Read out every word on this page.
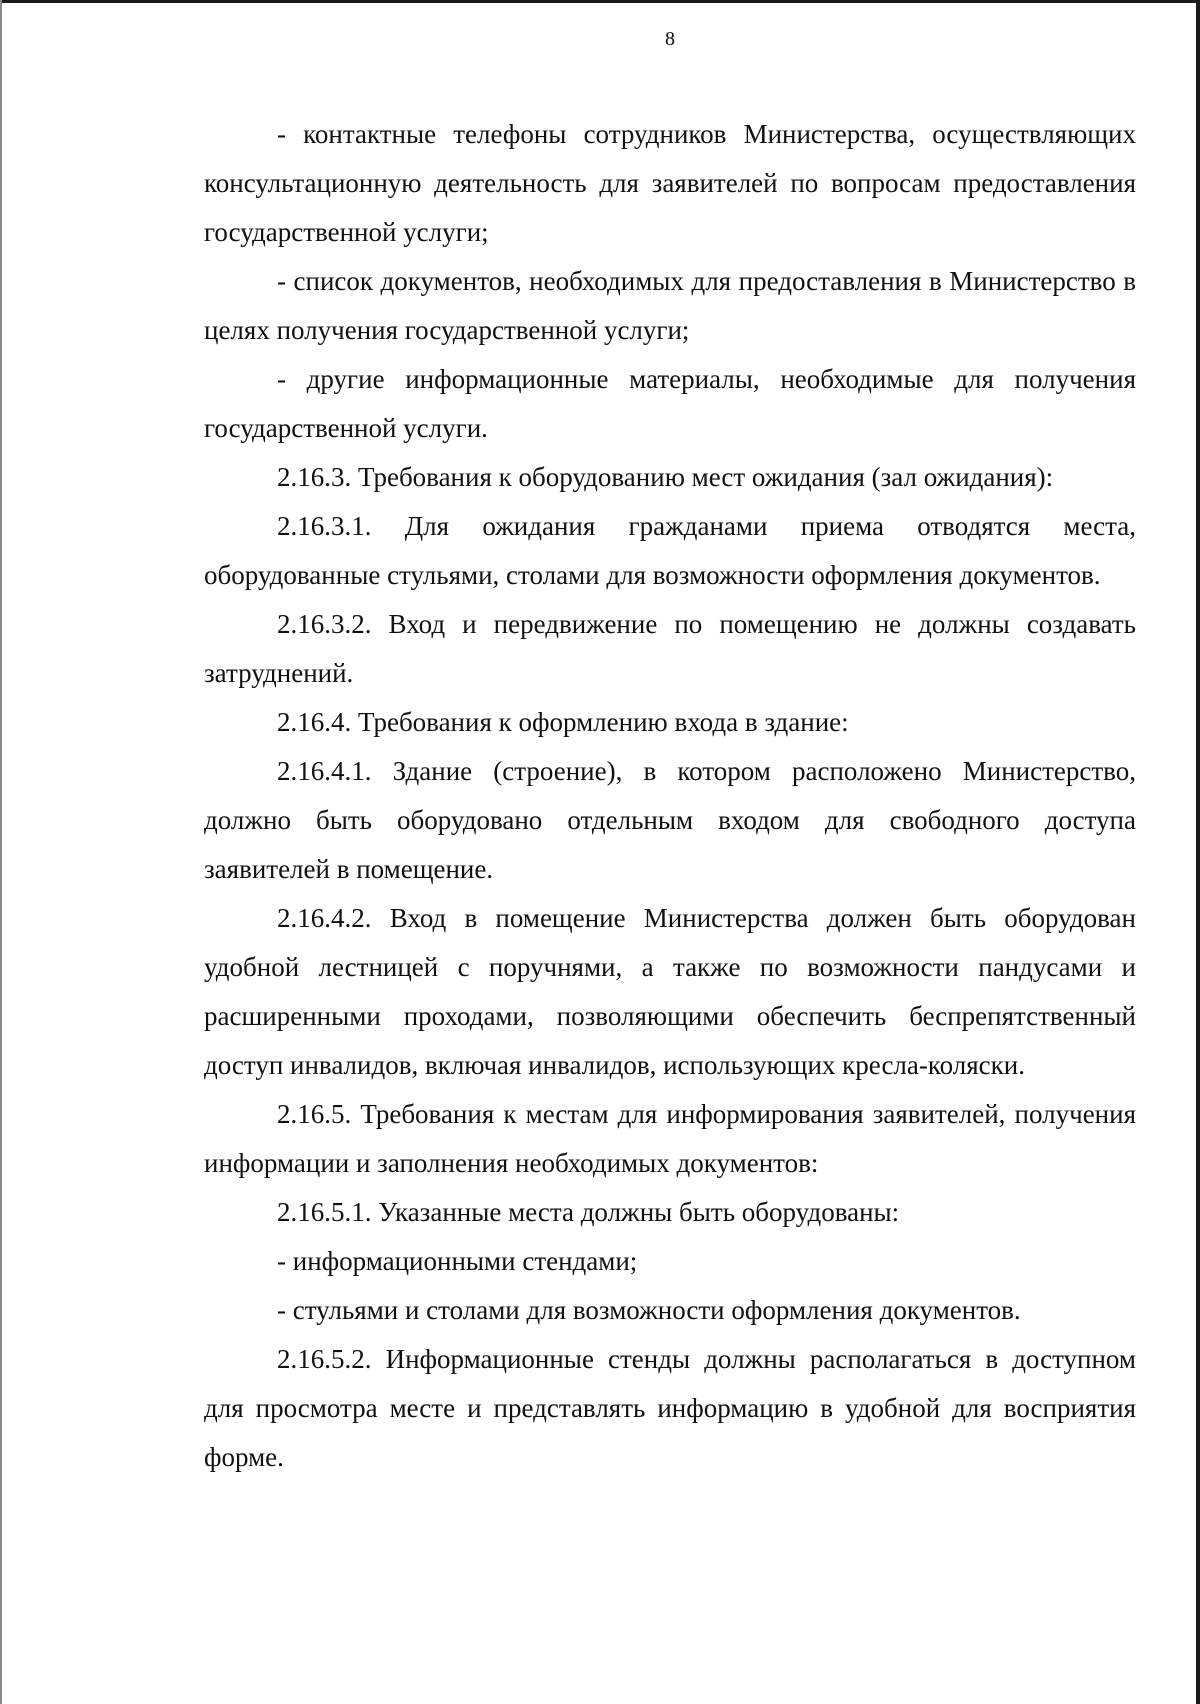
8

- контактные телефоны сотрудников Министерства, осуществляющих консультационную деятельность для заявителей по вопросам предоставления государственной услуги;

- список документов, необходимых для предоставления в Министерство в целях получения государственной услуги;

- другие информационные материалы, необходимые для получения государственной услуги.

2.16.3. Требования к оборудованию мест ожидания (зал ожидания):

2.16.3.1. Для ожидания гражданами приема отводятся места, оборудованные стульями, столами для возможности оформления документов.

2.16.3.2. Вход и передвижение по помещению не должны создавать затруднений.

2.16.4. Требования к оформлению входа в здание:

2.16.4.1. Здание (строение), в котором расположено Министерство, должно быть оборудовано отдельным входом для свободного доступа заявителей в помещение.

2.16.4.2. Вход в помещение Министерства должен быть оборудован удобной лестницей с поручнями, а также по возможности пандусами и расширенными проходами, позволяющими обеспечить беспрепятственный доступ инвалидов, включая инвалидов, использующих кресла-коляски.

2.16.5. Требования к местам для информирования заявителей, получения информации и заполнения необходимых документов:

2.16.5.1. Указанные места должны быть оборудованы:

- информационными стендами;

- стульями и столами для возможности оформления документов.

2.16.5.2. Информационные стенды должны располагаться в доступном для просмотра месте и представлять информацию в удобной для восприятия форме.
